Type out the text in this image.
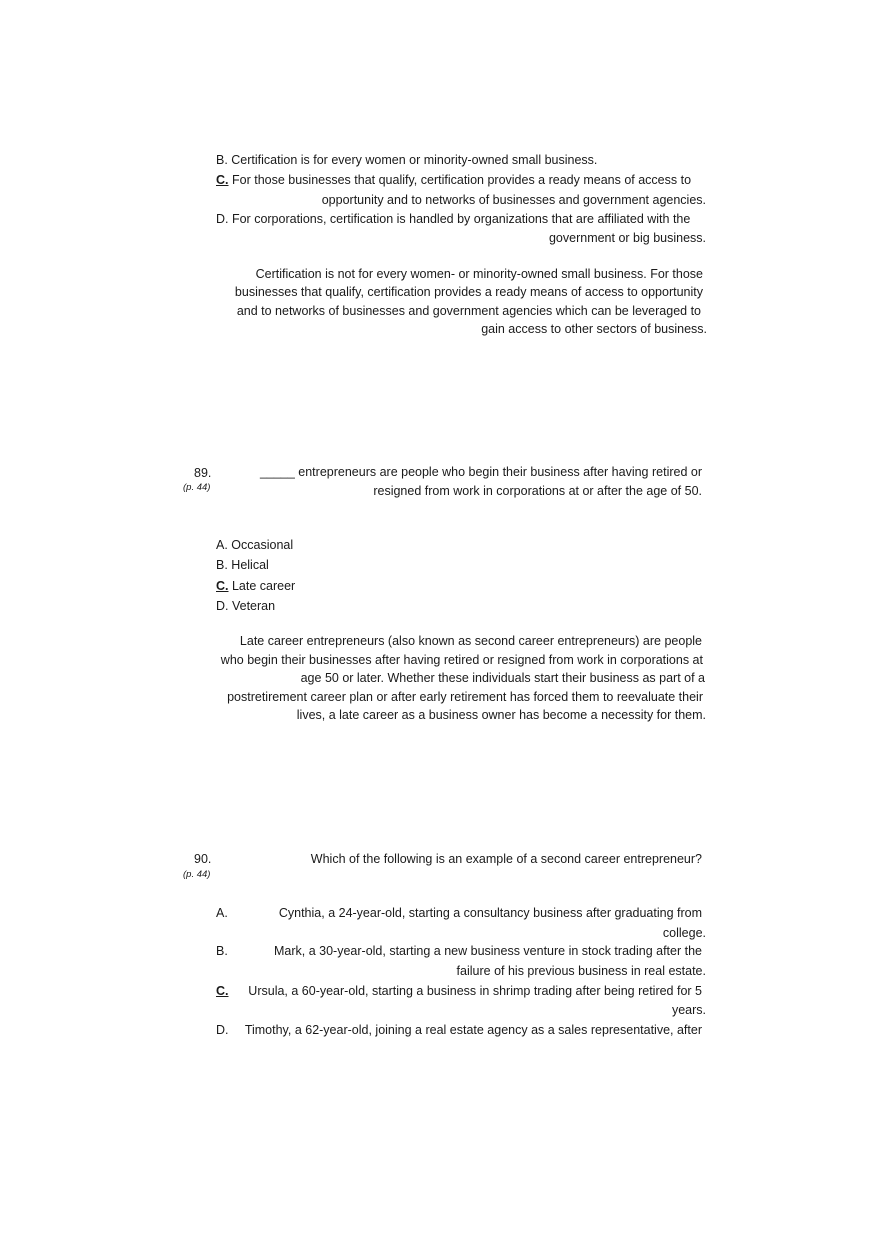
B. Certification is for every women or minority-owned small business.
C. For those businesses that qualify, certification provides a ready means of access to
opportunity and to networks of businesses and government agencies.
D. For corporations, certification is handled by organizations that are affiliated with the
government or big business.
Certification is not for every women- or minority-owned small business. For those
businesses that qualify, certification provides a ready means of access to opportunity
and to networks of businesses and government agencies which can be leveraged to
gain access to other sectors of business.
89.
(p. 44)
_____ entrepreneurs are people who begin their business after having retired or
resigned from work in corporations at or after the age of 50.
A. Occasional
B. Helical
C. Late career
D. Veteran
Late career entrepreneurs (also known as second career entrepreneurs) are people
who begin their businesses after having retired or resigned from work in corporations at
age 50 or later. Whether these individuals start their business as part of a
postretirement career plan or after early retirement has forced them to reevaluate their
lives, a late career as a business owner has become a necessity for them.
90.
(p. 44)
Which of the following is an example of a second career entrepreneur?
A.	Cynthia, a 24-year-old, starting a consultancy business after graduating from
college.
B.	Mark, a 30-year-old, starting a new business venture in stock trading after the
failure of his previous business in real estate.
C. Ursula, a 60-year-old, starting a business in shrimp trading after being retired for 5
years.
D. Timothy, a 62-year-old, joining a real estate agency as a sales representative, after
